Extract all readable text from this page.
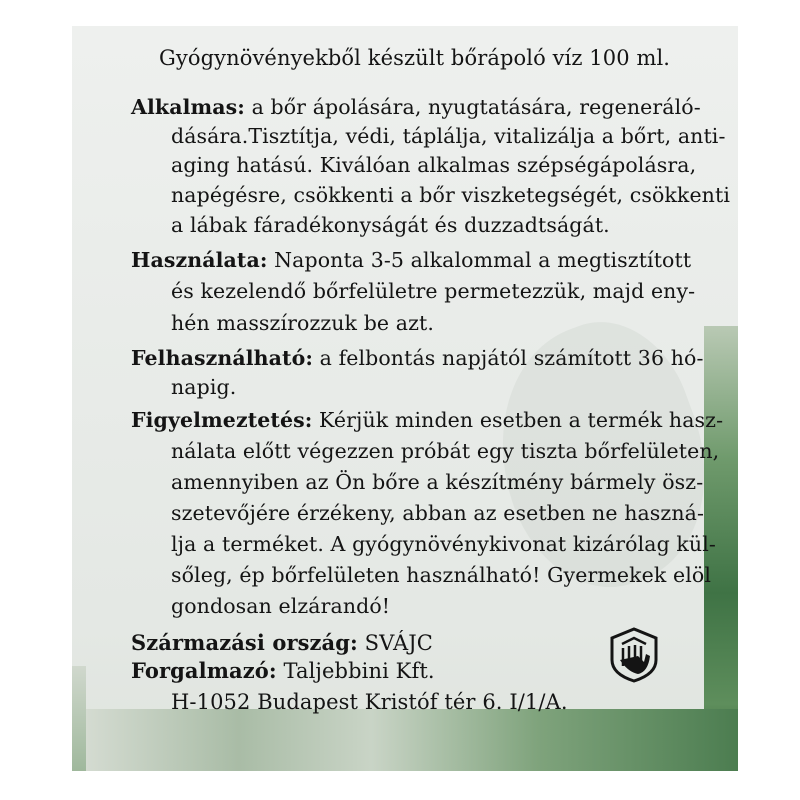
Gyógynövényekből készült bőrápoló víz 100 ml.
Alkalmas: a bőr ápolására, nyugtatására, regeneráló-
dására.Tisztítja, védi, táplálja, vitalizálja a bőrt, anti-
aging hatású. Kiválóan alkalmas szépségápolásra,
napégésre, csökkenti a bőr viszketegségét, csökkenti
a lábak fáradékonyságát és duzzadtságát.
Használata: Naponta 3-5 alkalommal a megtisztított
és kezelendő bőrfelületre permetezzük, majd eny-
hén masszírozzuk be azt.
Felhasználható: a felbontás napjától számított 36 hó-
napig.
Figyelmeztetés: Kérjük minden esetben a termék hasz-
nálata előtt végezzen próbát egy tiszta bőrfelületen,
amennyiben az Ön bőre a készítmény bármely ösz-
szetevőjére érzékeny, abban az esetben ne haszná-
lja a terméket. A gyógynövénykivonat kizárólag kül-
sőleg, ép bőrfelületen használható! Gyermekek elöl
gondosan elzárandó!
Származási ország: SVÁJC
Forgalmazó: Taljebbini Kft.
H-1052 Budapest Kristóf tér 6. I/1/A.
